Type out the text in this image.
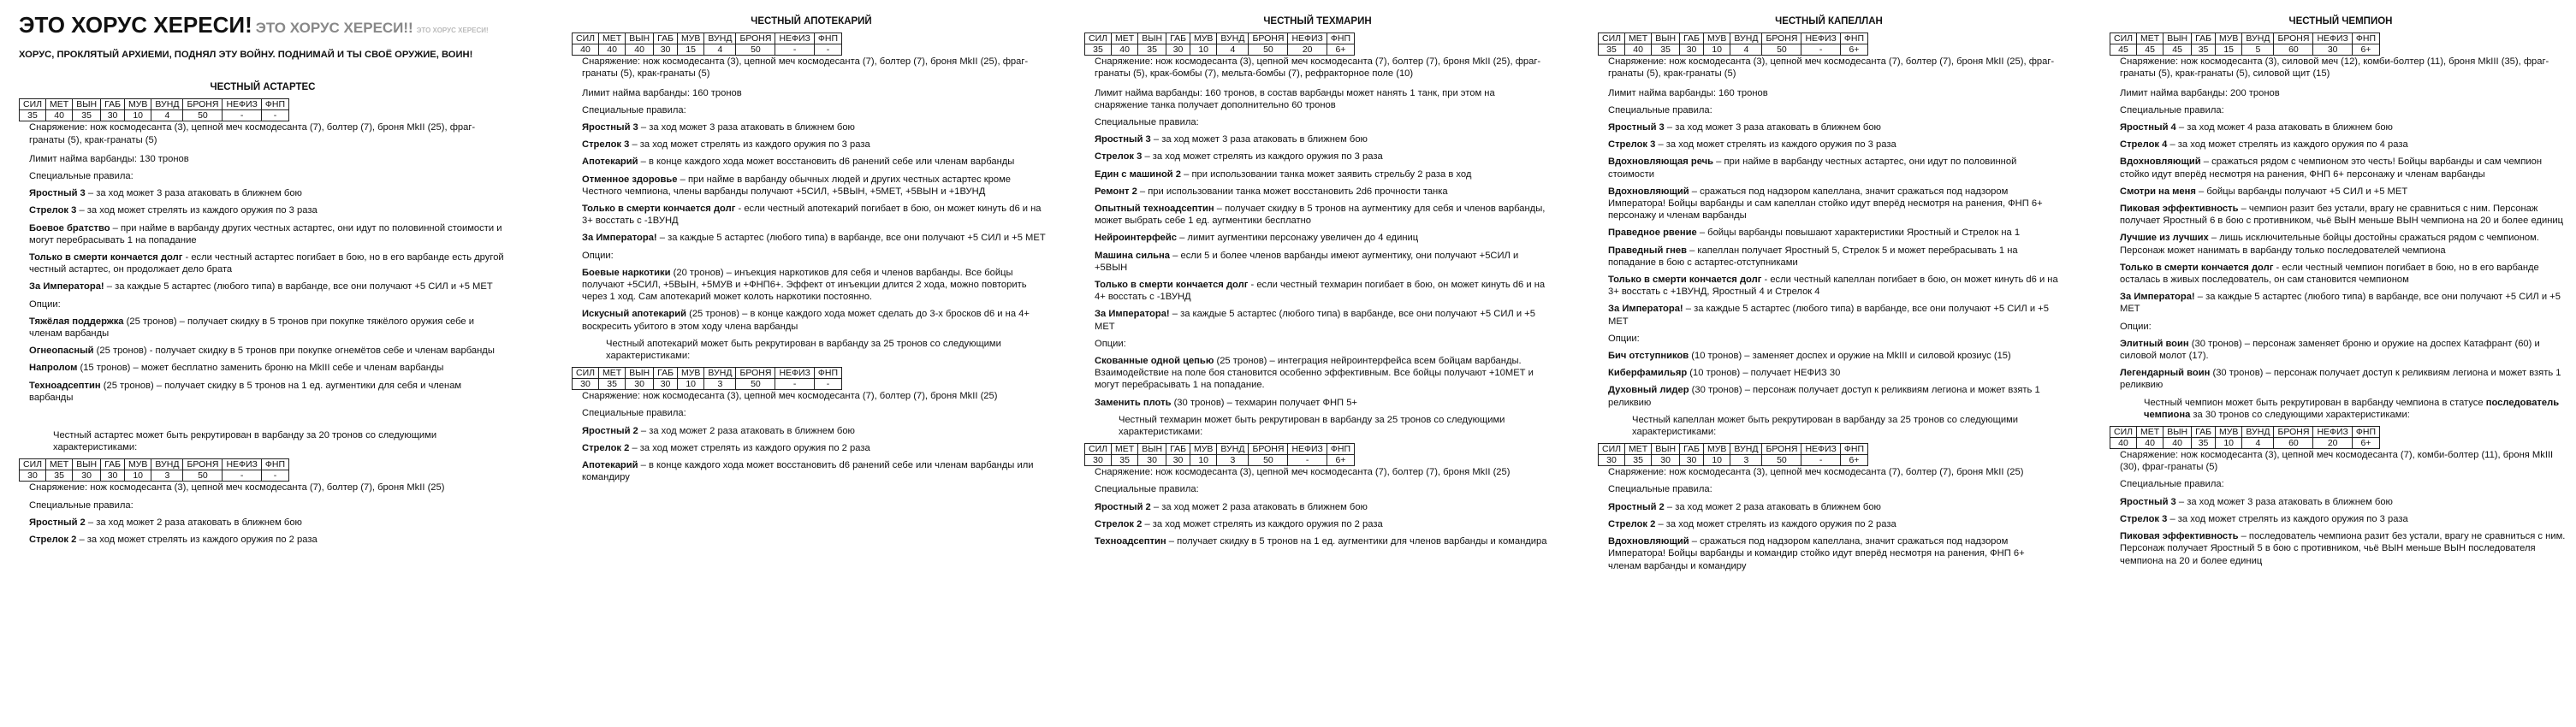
ЭТО ХОРУС ХЕРЕСИ! ЭТО ХОРУС ХЕРЕСИ!! ЭТО ХОРУС ХЕРЕСИ!
ХОРУС, ПРОКЛЯТЫЙ АРХИЕМИ, ПОДНЯЛ ЭТУ ВОЙНУ. ПОДНИМАЙ И ТЫ СВОЁ ОРУЖИЕ, ВОИН!
ЧЕСТНЫЙ АСТАРТЕС
СИЛ	МЕТ	ВЫН	ГАБ	МУВ	ВУНД	БРОНЯ	НЕФИЗ	ФНП
35	40	35	30	10	4	50	-	-
Снаряжение: нож космодесанта (3), цепной меч космодесанта (7), болтер (7), броня MkII (25), фраг-гранаты (5), крак-гранаты (5)
Лимит найма варбанды: 130 тронов
Специальные правила:
Яростный 3 – за ход может 3 раза атаковать в ближнем бою
Стрелок 3 – за ход может стрелять из каждого оружия по 3 раза
Боевое братство – при найме в варбанду других честных астартес, они идут по половинной стоимости и могут перебрасывать 1 на попадание
Только в смерти кончается долг - если честный астартес погибает в бою, но в его варбанде есть другой честный астартес, он продолжает дело брата
За Императора! – за каждые 5 астартес (любого типа) в варбанде, все они получают +5 СИЛ и +5 МЕТ
Опции:
Тяжёлая поддержка (25 тронов) – получает скидку в 5 тронов при покупке тяжёлого оружия себе и членам варбанды
Огнеопасный (25 тронов) - получает скидку в 5 тронов при покупке огнемётов себе и членам варбанды
Напролом (15 тронов) – может бесплатно заменить броню на MkIII себе и членам варбанды
Техноадсептин (25 тронов) – получает скидку в 5 тронов на 1 ед. аугментики для себя и членам варбанды
Честный астартес может быть рекрутирован в варбанду за 20 тронов со следующими характеристиками:
СИЛ	МЕТ	ВЫН	ГАБ	МУВ	ВУНД	БРОНЯ	НЕФИЗ	ФНП
30	35	30	30	10	3	50	-	-
Снаряжение: нож космодесанта (3), цепной меч космодесанта (7), болтер (7), броня MkII (25)
Специальные правила:
Яростный 2 – за ход может 2 раза атаковать в ближнем бою
Стрелок 2 – за ход может стрелять из каждого оружия по 2 раза
ЧЕСТНЫЙ АПОТЕКАРИЙ
СИЛ	МЕТ	ВЫН	ГАБ	МУВ	ВУНД	БРОНЯ	НЕФИЗ	ФНП
40	40	40	30	15	4	50	-	-
Снаряжение: нож космодесанта (3), цепной меч космодесанта (7), болтер (7), броня MkII (25), фраг-гранаты (5), крак-гранаты (5)
Лимит найма варбанды: 160 тронов
Специальные правила:
Яростный 3 – за ход может 3 раза атаковать в ближнем бою
Стрелок 3 – за ход может стрелять из каждого оружия по 3 раза
Апотекарий – в конце каждого хода может восстановить d6 ранений себе или членам варбанды
Отменное здоровье – при найме в варбанду обычных людей и других честных астартес кроме Честного чемпиона, члены варбанды получают +5СИЛ, +5ВЫН, +5МЕТ, +5ВЫН и +1ВУНД
Только в смерти кончается долг - если честный апотекарий погибает в бою, он может кинуть d6 и на 3+ восстать с -1ВУНД
За Императора! – за каждые 5 астартес (любого типа) в варбанде, все они получают +5 СИЛ и +5 МЕТ
Опции:
Боевые наркотики (20 тронов) – инъекция наркотиков для себя и членов варбанды. Все бойцы получают +5СИЛ, +5ВЫН, +5МУВ и +ФНП6+. Эффект от инъекции длится 2 хода, можно повторить через 1 ход. Сам апотекарий может колоть наркотики постоянно.
Искусный апотекарий (25 тронов) – в конце каждого хода может сделать до 3-х бросков d6 и на 4+ воскресить убитого в этом ходу члена варбанды
Честный апотекарий может быть рекрутирован в варбанду за 25 тронов со следующими характеристиками:
СИЛ	МЕТ	ВЫН	ГАБ	МУВ	ВУНД	БРОНЯ	НЕФИЗ	ФНП
30	35	30	30	10	3	50	-	-
Снаряжение: нож космодесанта (3), цепной меч космодесанта (7), болтер (7), броня MkII (25)
Специальные правила:
Яростный 2 – за ход может 2 раза атаковать в ближнем бою
Стрелок 2 – за ход может стрелять из каждого оружия по 2 раза
Апотекарий – в конце каждого хода может восстановить d6 ранений себе или членам варбанды или командиру
ЧЕСТНЫЙ ТЕХМАРИН
СИЛ	МЕТ	ВЫН	ГАБ	МУВ	ВУНД	БРОНЯ	НЕФИЗ	ФНП
35	40	35	30	10	4	50	20	6+
Снаряжение: нож космодесанта (3), цепной меч космодесанта (7), болтер (7), броня MkII (25), фраг-гранаты (5), крак-бомбы (7), мельта-бомбы (7), рефракторное поле (10)
Лимит найма варбанды: 160 тронов, в состав варбанды может нанять 1 танк, при этом на снаряжение танка получает дополнительно 60 тронов
Специальные правила:
Яростный 3 – за ход может 3 раза атаковать в ближнем бою
Стрелок 3 – за ход может стрелять из каждого оружия по 3 раза
Един с машиной 2 – при использовании танка может заявить стрельбу 2 раза в ход
Ремонт 2 – при использовании танка может восстановить 2d6 прочности танка
Опытный техноадсептин – получает скидку в 5 тронов на аугментику для себя и членов варбанды, может выбрать себе 1 ед. аугментики бесплатно
Нейроинтерфейс – лимит аугментики персонажу увеличен до 4 единиц
Машина сильна – если 5 и более членов варбанды имеют аугментику, они получают +5СИЛ и +5ВЫН
Только в смерти кончается долг - если честный техмарин погибает в бою, он может кинуть d6 и на 4+ восстать с -1ВУНД
За Императора! – за каждые 5 астартес (любого типа) в варбанде, все они получают +5 СИЛ и +5 МЕТ
Опции:
Скованные одной цепью (25 тронов) – интеграция нейроинтерфейса всем бойцам варбанды. Взаимодействие на поле боя становится особенно эффективным. Все бойцы получают +10МЕТ и могут перебрасывать 1 на попадание.
Заменить плоть (30 тронов) – техмарин получает ФНП 5+
Честный техмарин может быть рекрутирован в варбанду за 25 тронов со следующими характеристиками:
СИЛ	МЕТ	ВЫН	ГАБ	МУВ	ВУНД	БРОНЯ	НЕФИЗ	ФНП
30	35	30	30	10	3	50	-	6+
Снаряжение: нож космодесанта (3), цепной меч космодесанта (7), болтер (7), броня MkII (25)
Специальные правила:
Яростный 2 – за ход может 2 раза атаковать в ближнем бою
Стрелок 2 – за ход может стрелять из каждого оружия по 2 раза
Техноадсептин – получает скидку в 5 тронов на 1 ед. аугментики для членов варбанды и командира
ЧЕСТНЫЙ КАПЕЛЛАН
СИЛ	МЕТ	ВЫН	ГАБ	МУВ	ВУНД	БРОНЯ	НЕФИЗ	ФНП
35	40	35	30	10	4	50	-	6+
Снаряжение: нож космодесанта (3), цепной меч космодесанта (7), болтер (7), броня MkII (25), фраг-гранаты (5), крак-гранаты (5)
Лимит найма варбанды: 160 тронов
Специальные правила:
Яростный 3 – за ход может 3 раза атаковать в ближнем бою
Стрелок 3 – за ход может стрелять из каждого оружия по 3 раза
Вдохновляющая речь – при найме в варбанду честных астартес, они идут по половинной стоимости
Вдохновляющий – сражаться под надзором капеллана, значит сражаться под надзором Императора! Бойцы варбанды и сам капеллан стойко идут вперёд несмотря на ранения, ФНП 6+ персонажу и членам варбанды
Праведное рвение – бойцы варбанды повышают характеристики Яростный и Стрелок на 1
Праведный гнев – капеллан получает Яростный 5, Стрелок 5 и может перебрасывать 1 на попадание в бою с астартес-отступниками
Только в смерти кончается долг - если честный капеллан погибает в бою, он может кинуть d6 и на 3+ восстать с +1ВУНД, Яростный 4 и Стрелок 4
За Императора! – за каждые 5 астартес (любого типа) в варбанде, все они получают +5 СИЛ и +5 МЕТ
Опции:
Бич отступников (10 тронов) – заменяет доспех и оружие на MkIII и силовой крозиус (15)
Киберфамильяр (10 тронов) – получает НЕФИЗ 30
Духовный лидер (30 тронов) – персонаж получает доступ к реликвиям легиона и может взять 1 реликвию
Честный капеллан может быть рекрутирован в варбанду за 25 тронов со следующими характеристиками:
СИЛ	МЕТ	ВЫН	ГАБ	МУВ	ВУНД	БРОНЯ	НЕФИЗ	ФНП
30	35	30	30	10	3	50	-	6+
Снаряжение: нож космодесанта (3), цепной меч космодесанта (7), болтер (7), броня MkII (25)
Специальные правила:
Яростный 2 – за ход может 2 раза атаковать в ближнем бою
Стрелок 2 – за ход может стрелять из каждого оружия по 2 раза
Вдохновляющий – сражаться под надзором капеллана, значит сражаться под надзором Императора! Бойцы варбанды и командир стойко идут вперёд несмотря на ранения, ФНП 6+ членам варбанды и командиру
ЧЕСТНЫЙ ЧЕМПИОН
СИЛ	МЕТ	ВЫН	ГАБ	МУВ	ВУНД	БРОНЯ	НЕФИЗ	ФНП
45	45	45	35	15	5	60	30	6+
Снаряжение: нож космодесанта (3), силовой меч (12), комби-болтер (11), броня MkIII (35), фраг-гранаты (5), крак-гранаты (5), силовой щит (15)
Лимит найма варбанды: 200 тронов
Специальные правила:
Яростный 4 – за ход может 4 раза атаковать в ближнем бою
Стрелок 4 – за ход может стрелять из каждого оружия по 4 раза
Вдохновляющий – сражаться рядом с чемпионом это честь! Бойцы варбанды и сам чемпион стойко идут вперёд несмотря на ранения, ФНП 6+ персонажу и членам варбанды
Смотри на меня – бойцы варбанды получают +5 СИЛ и +5 МЕТ
Пиковая эффективность – чемпион разит без устали, врагу не сравниться с ним. Персонаж получает Яростный 6 в бою с противником, чьё ВЫН меньше ВЫН чемпиона на 20 и более единиц
Лучшие из лучших – лишь исключительные бойцы достойны сражаться рядом с чемпионом. Персонаж может нанимать в варбанду только последователей чемпиона
Только в смерти кончается долг - если честный чемпион погибает в бою, но в его варбанде осталась в живых последователь, он сам становится чемпионом
За Императора! – за каждые 5 астартес (любого типа) в варбанде, все они получают +5 СИЛ и +5 МЕТ
Опции:
Элитный воин (30 тронов) – персонаж заменяет броню и оружие на доспех Катафрант (60) и силовой молот (17).
Легендарный воин (30 тронов) – персонаж получает доступ к реликвиям легиона и может взять 1 реликвию
Честный чемпион может быть рекрутирован в варбанду чемпиона в статусе последователь чемпиона за 30 тронов со следующими характеристиками:
СИЛ	МЕТ	ВЫН	ГАБ	МУВ	ВУНД	БРОНЯ	НЕФИЗ	ФНП
40	40	40	35	10	4	60	20	6+
Снаряжение: нож космодесанта (3), цепной меч космодесанта (7), комби-болтер (11), броня MkIII (30), фраг-гранаты (5)
Специальные правила:
Яростный 3 – за ход может 3 раза атаковать в ближнем бою
Стрелок 3 – за ход может стрелять из каждого оружия по 3 раза
Пиковая эффективность – последователь чемпиона разит без устали, врагу не сравниться с ним. Персонаж получает Яростный 5 в бою с противником, чьё ВЫН меньше ВЫН последователя чемпиона на 20 и более единиц
